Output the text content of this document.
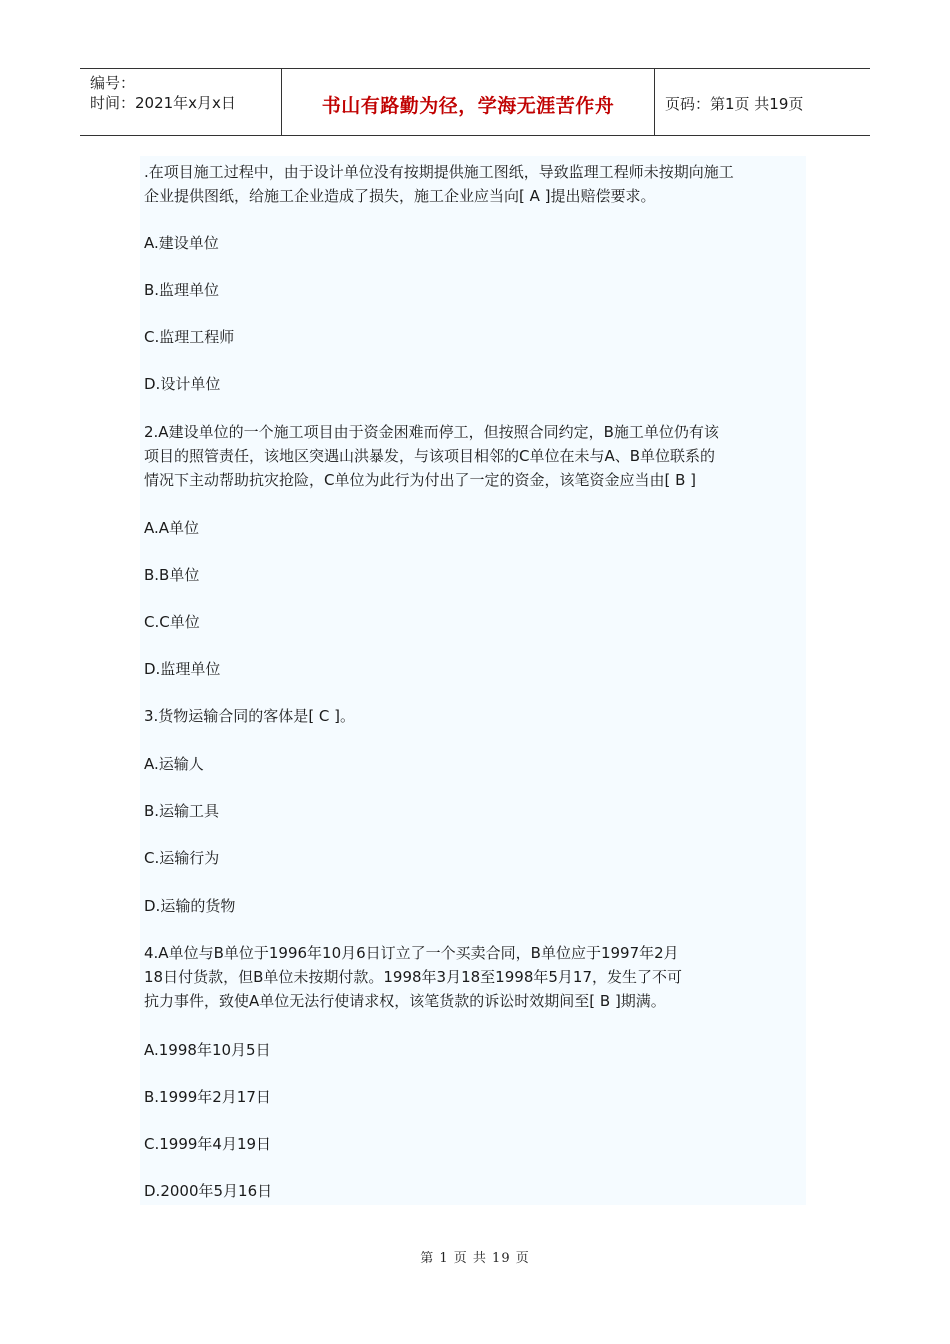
编号：
时间：2021年x月x日	书山有路勤为径，学海无涯苦作舟	页码：第1页 共19页
.在项目施工过程中，由于设计单位没有按期提供施工图纸，导致监理工程师未按期向施工
企业提供图纸，给施工企业造成了损失，施工企业应当向[ A ]提出赔偿要求。
A.建设单位
B.监理单位
C.监理工程师
D.设计单位
2.A建设单位的一个施工项目由于资金困难而停工，但按照合同约定，B施工单位仍有该
项目的照管责任，该地区突遇山洪暴发，与该项目相邻的C单位在未与A、B单位联系的
情况下主动帮助抗灾抢险，C单位为此行为付出了一定的资金，该笔资金应当由[ B ]
A.A单位
B.B单位
C.C单位
D.监理单位
3.货物运输合同的客体是[ C ]。
A.运输人
B.运输工具
C.运输行为
D.运输的货物
4.A单位与B单位于1996年10月6日订立了一个买卖合同，B单位应于1997年2月
18日付货款，但B单位未按期付款。1998年3月18至1998年5月17，发生了不可
抗力事件，致使A单位无法行使请求权，该笔货款的诉讼时效期间至[ B ]期满。
A.1998年10月5日
B.1999年2月17日
C.1999年4月19日
D.2000年5月16日
第 1 页 共 19 页
